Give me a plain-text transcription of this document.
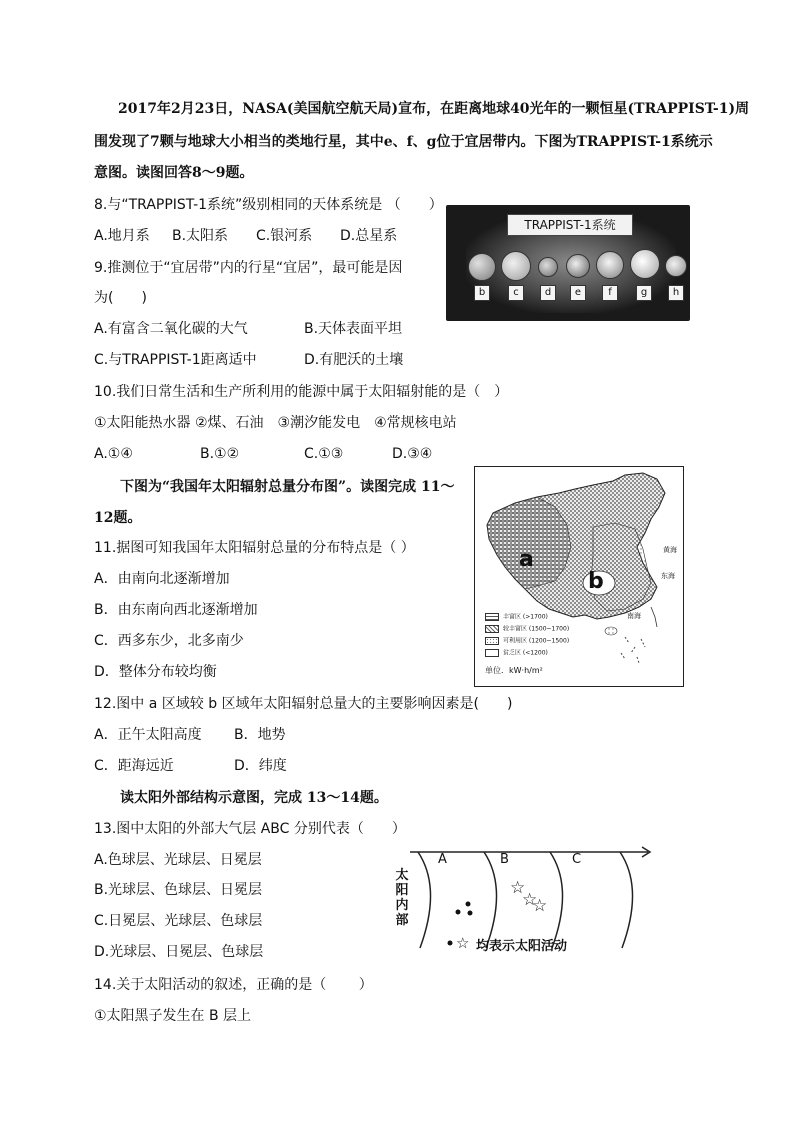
2017年2月23日，NASA(美国航空航天局)宣布，在距离地球40光年的一颗恒星(TRAPPIST-1)周
围发现了7颗与地球大小相当的类地行星，其中e、f、g位于宜居带内。下图为TRAPPIST-1系统示
意图。读图回答8～9题。
8.与“TRAPPIST-1系统”级别相同的天体系统是 （　　）
A.地月系 B.太阳系 C.银河系 D.总星系
9.推测位于“宜居带”内的行星“宜居”，最可能是因
为(　　)
A.有富含二氧化碳的大气	B.天体表面平坦
C.与TRAPPIST-1距离适中	D.有肥沃的土壤
10.我们日常生活和生产所利用的能源中属于太阳辐射能的是（　）
①太阳能热水器 ②煤、石油　③潮汐能发电　④常规核电站
A.①④	B.①②	C.①③	D.③④
下图为“我国年太阳辐射总量分布图”。读图完成 11～
12题。
11.据图可知我国年太阳辐射总量的分布特点是（ ）
A．由南向北逐渐增加
B．由东南向西北逐渐增加
C．西多东少，北多南少
D．整体分布较均衡
12.图中 a 区域较 b 区域年太阳辐射总量大的主要影响因素是(　　)
A．正午太阳高度 B．地势
C．距海远近	D．纬度
读太阳外部结构示意图，完成 13～14题。
13.图中太阳的外部大气层 ABC 分别代表（　　）
A.色球层、光球层、日冕层
B.光球层、色球层、日冕层
C.日冕层、光球层、色球层
D.光球层、日冕层、色球层
14.关于太阳活动的叙述，正确的是（　　 ）
①太阳黑子发生在 B 层上
TRAPPIST-1系统
b	c	d	e	f	g	h
a
b
黄海
东海
南海
丰富区 (>1700)
较丰富区 (1500~1700)
可利用区 (1200~1500)
贫乏区 (<1200)
单位．kW·h/m²
A	B	C
太
阳
内
部
☆
☆
☆
☆ 均表示太阳活动
